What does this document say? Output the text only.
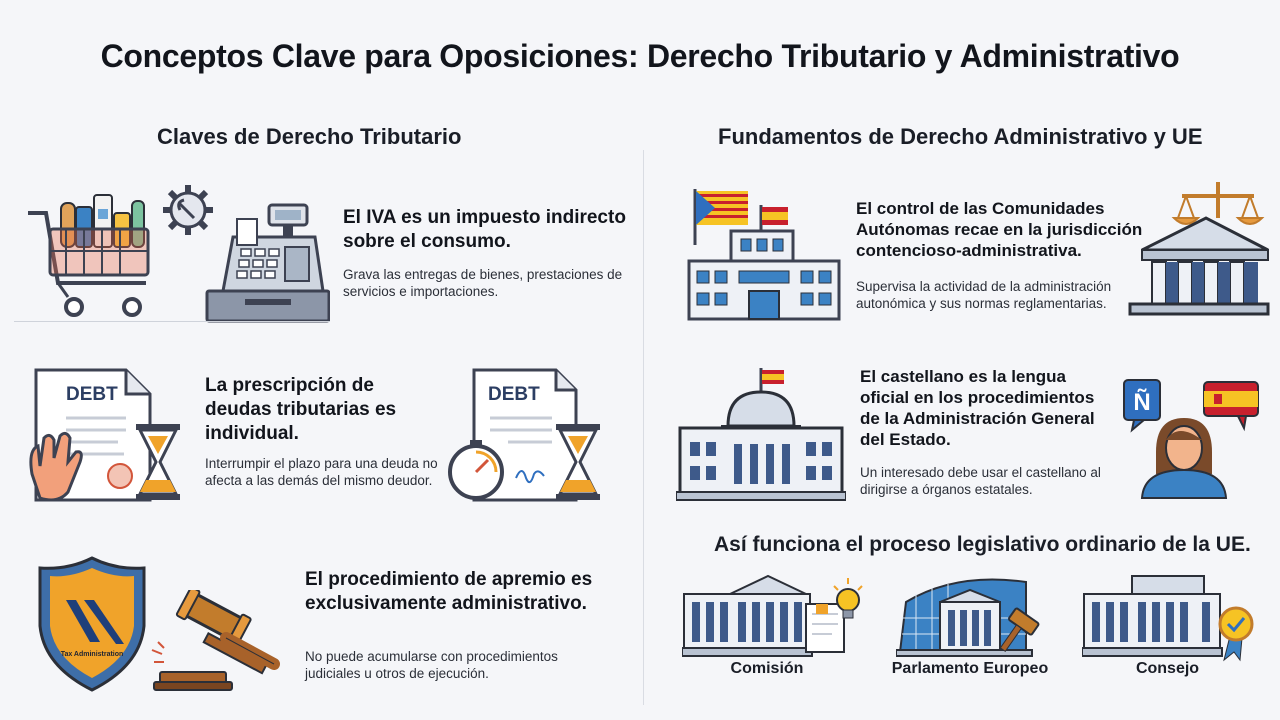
Conceptos Clave para Oposiciones: Derecho Tributario y Administrativo
Claves de Derecho Tributario
El IVA es un impuesto indirecto sobre el consumo.
Grava las entregas de bienes, prestaciones de servicios e importaciones.
DEBT	La prescripción de deudas tributarias es individual.
Interrumpir el plazo para una deuda no afecta a las demás del mismo deudor.
DEBT
Tax Administration
El procedimiento de apremio es exclusivamente administrativo.
No puede acumularse con procedimientos judiciales u otros de ejecución.
Fundamentos de Derecho Administrativo y UE
El control de las Comunidades Autónomas recae en la jurisdicción contencioso-administrativa.
Supervisa la actividad de la administración autonómica y sus normas reglamentarias.
El castellano es la lengua oficial en los procedimientos de la Administración General del Estado.
Un interesado debe usar el castellano al dirigirse a órganos estatales.
Ñ
Así funciona el proceso legislativo ordinario de la UE.
Comisión	Parlamento Europeo	Consejo
